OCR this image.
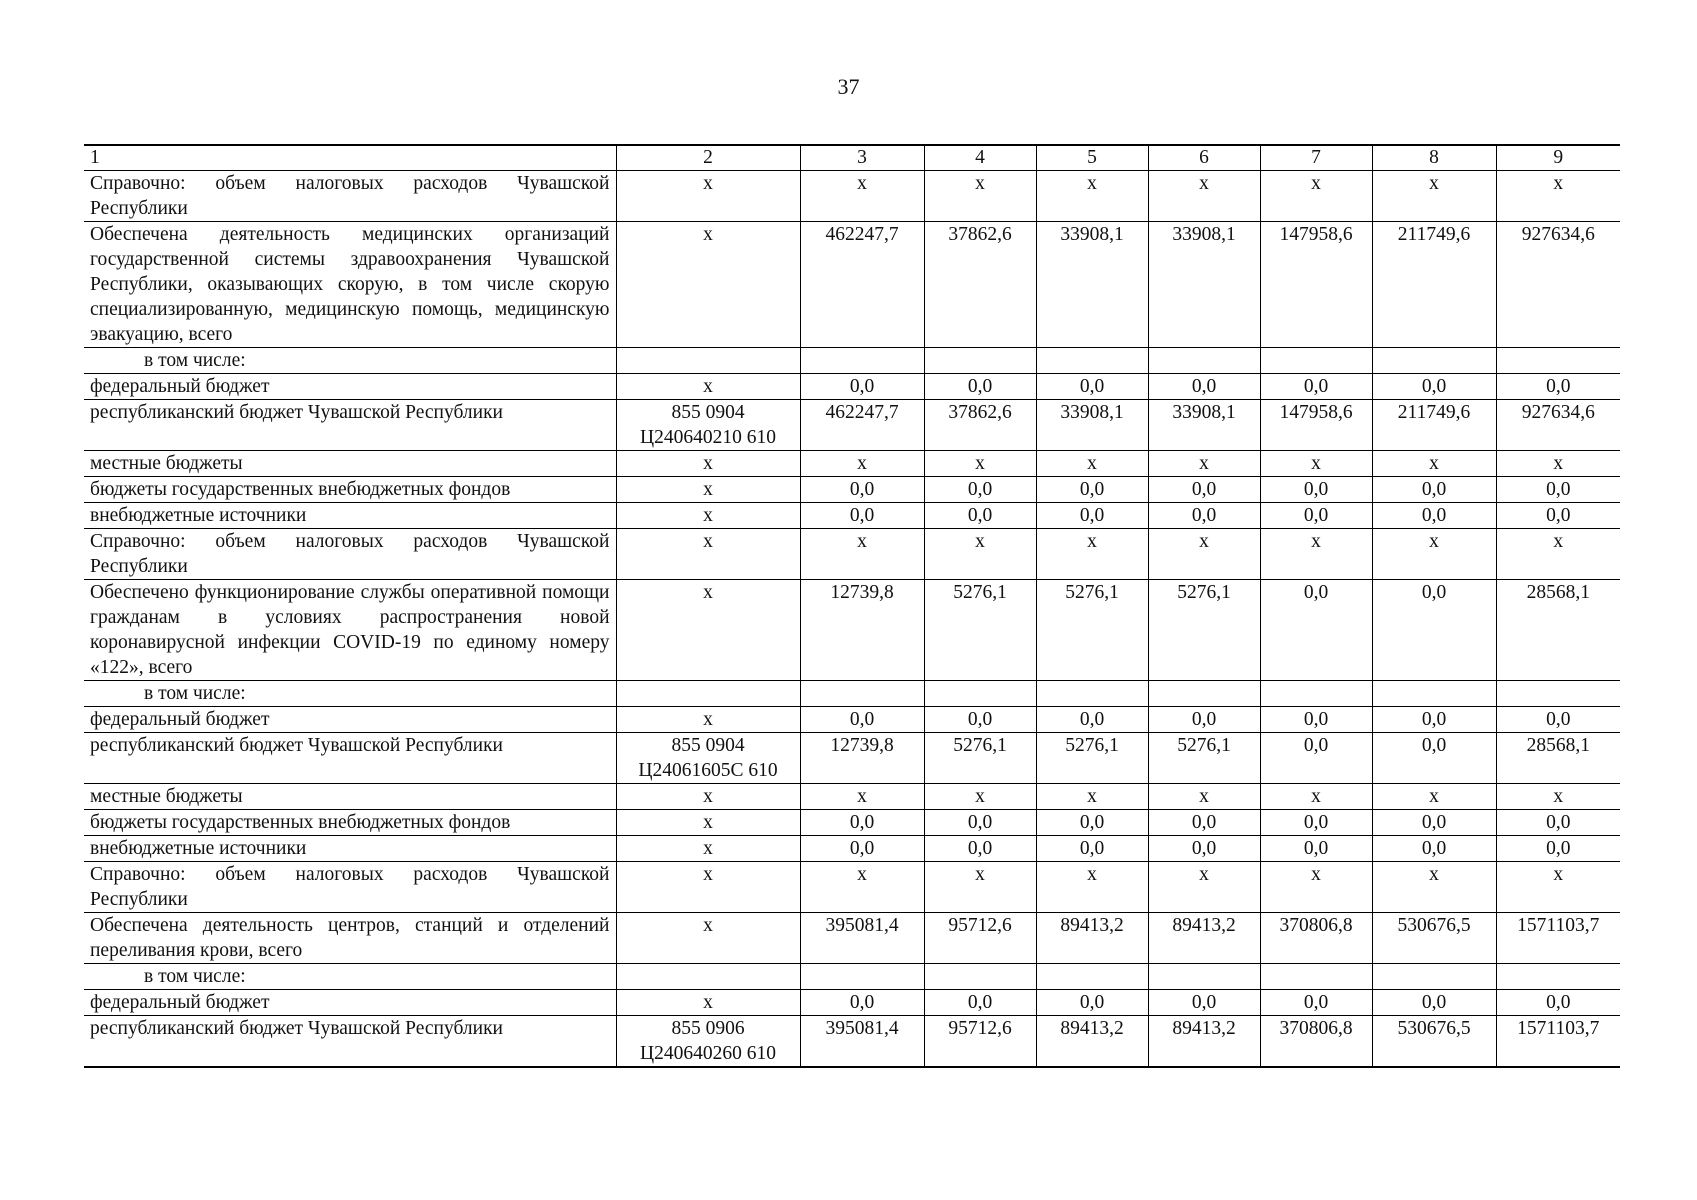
37
1	2	3	4	5	6	7	8	9
Справочно: объем налоговых расходов Чувашской Республики	х	х	х	х	х	х	х	х
Обеспечена деятельность медицинских организаций государственной системы здравоохранения Чувашской Республики, оказывающих скорую, в том числе скорую специализированную, медицинскую помощь, медицинскую эвакуацию, всего	х	462247,7	37862,6	33908,1	33908,1	147958,6	211749,6	927634,6
в том числе:								
федеральный бюджет	х	0,0	0,0	0,0	0,0	0,0	0,0	0,0
республиканский бюджет Чувашской Республики	855 0904 Ц240640210 610	462247,7	37862,6	33908,1	33908,1	147958,6	211749,6	927634,6
местные бюджеты	х	х	х	х	х	х	х	х
бюджеты государственных внебюджетных фондов	х	0,0	0,0	0,0	0,0	0,0	0,0	0,0
внебюджетные источники	х	0,0	0,0	0,0	0,0	0,0	0,0	0,0
Справочно: объем налоговых расходов Чувашской Республики	х	х	х	х	х	х	х	х
Обеспечено функционирование службы оперативной помощи гражданам в условиях распространения новой коронавирусной инфекции COVID-19 по единому номеру «122», всего	х	12739,8	5276,1	5276,1	5276,1	0,0	0,0	28568,1
в том числе:								
федеральный бюджет	х	0,0	0,0	0,0	0,0	0,0	0,0	0,0
республиканский бюджет Чувашской Республики	855 0904 Ц24061605С 610	12739,8	5276,1	5276,1	5276,1	0,0	0,0	28568,1
местные бюджеты	х	х	х	х	х	х	х	х
бюджеты государственных внебюджетных фондов	х	0,0	0,0	0,0	0,0	0,0	0,0	0,0
внебюджетные источники	х	0,0	0,0	0,0	0,0	0,0	0,0	0,0
Справочно: объем налоговых расходов Чувашской Республики	х	х	х	х	х	х	х	х
Обеспечена деятельность центров, станций и отделений переливания крови, всего	х	395081,4	95712,6	89413,2	89413,2	370806,8	530676,5	1571103,7
в том числе:								
федеральный бюджет	х	0,0	0,0	0,0	0,0	0,0	0,0	0,0
республиканский бюджет Чувашской Республики	855 0906 Ц240640260 610	395081,4	95712,6	89413,2	89413,2	370806,8	530676,5	1571103,7
